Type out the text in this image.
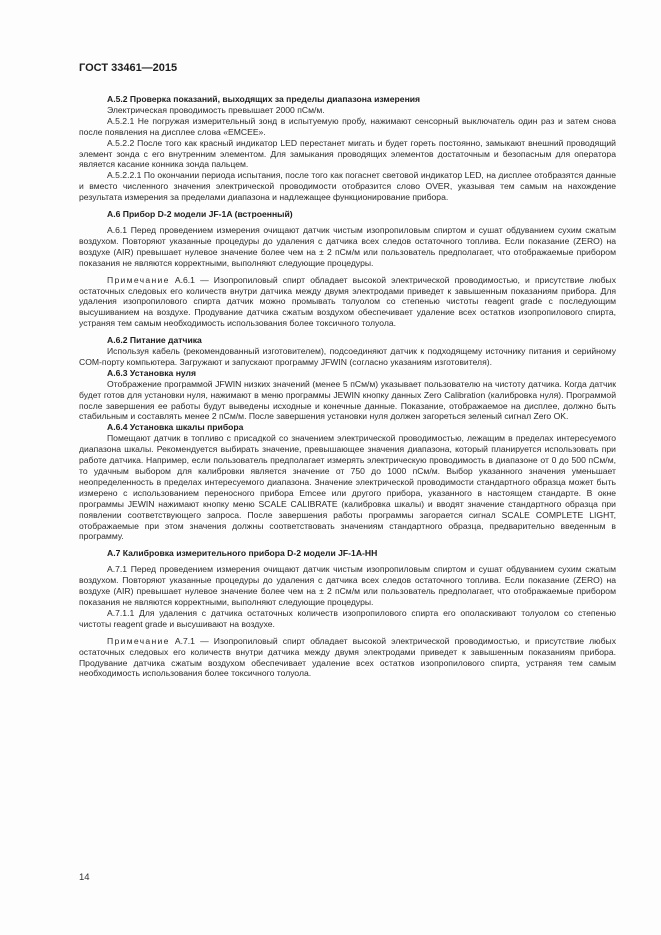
ГОСТ 33461—2015

А.5.2 Проверка показаний, выходящих за пределы диапазона измерения

Электрическая проводимость превышает 2000 пСм/м.

А.5.2.1 Не погружая измерительный зонд в испытуемую пробу, нажимают сенсорный выключатель один раз и затем снова после появления на дисплее слова «EMCEE».

А.5.2.2 После того как красный индикатор LED перестанет мигать и будет гореть постоянно, замыкают внешний проводящий элемент зонда с его внутренним элементом. Для замыкания проводящих элементов достаточным и безопасным для оператора является касание конника зонда пальцем.

А.5.2.2.1 По окончании периода испытания, после того как погаснет световой индикатор LED, на дисплее отобразятся данные и вместо численного значения электрической проводимости отобразится слово OVER, указывая тем самым на нахождение результата измерения за пределами диапазона и надлежащее функционирование прибора.

А.6 Прибор D-2 модели JF-1A (встроенный)

А.6.1 Перед проведением измерения очищают датчик чистым изопропиловым спиртом и сушат обдуванием сухим сжатым воздухом. Повторяют указанные процедуры до удаления с датчика всех следов остаточного топлива. Если показание (ZERO) на воздухе (AIR) превышает нулевое значение более чем на ± 2 пСм/м или пользователь предполагает, что отображаемые прибором показания не являются корректными, выполняют следующие процедуры.

Примечание А.6.1 — Изопропиловый спирт обладает высокой электрической проводимостью, и присутствие любых остаточных следовых его количеств внутри датчика между двумя электродами приведет к завышенным показаниям прибора. Для удаления изопропилового спирта датчик можно промывать толуолом со степенью чистоты reagent grade с последующим высушиванием на воздухе. Продувание датчика сжатым воздухом обеспечивает удаление всех остатков изопропилового спирта, устраняя тем самым необходимость использования более токсичного толуола.

А.6.2 Питание датчика

Используя кабель (рекомендованный изготовителем), подсоединяют датчик к подходящему источнику питания и серийному COM-порту компьютера. Загружают и запускают программу JFWIN (согласно указаниям изготовителя).

А.6.3 Установка нуля

Отображение программой JFWIN низких значений (менее 5 пСм/м) указывает пользователю на чистоту датчика. Когда датчик будет готов для установки нуля, нажимают в меню программы JEWIN кнопку данных Zero Calibration (калибровка нуля). Программой после завершения ее работы будут выведены исходные и конечные данные. Показание, отображаемое на дисплее, должно быть стабильным и составлять менее 2 пСм/м. После завершения установки нуля должен загореться зеленый сигнал Zero OK.

А.6.4 Установка шкалы прибора

Помещают датчик в топливо с присадкой со значением электрической проводимостью, лежащим в пределах интересуемого диапазона шкалы. Рекомендуется выбирать значение, превышающее значения диапазона, который планируется использовать при работе датчика. Например, если пользователь предполагает измерять электрическую проводимость в диапазоне от 0 до 500 пСм/м, то удачным выбором для калибровки является значение от 750 до 1000 пСм/м. Выбор указанного значения уменьшает неопределенность в пределах интересуемого диапазона. Значение электрической проводимости стандартного образца может быть измерено с использованием переносного прибора Emcee или другого прибора, указанного в настоящем стандарте. В окне программы JEWIN нажимают кнопку меню SCALE CALIBRATE (калибровка шкалы) и вводят значение стандартного образца при появлении соответствующего запроса. После завершения работы программы загорается сигнал SCALE COMPLETE LIGHT, отображаемые при этом значения должны соответствовать значениям стандартного образца, предварительно введенным в программу.

А.7 Калибровка измерительного прибора D-2 модели JF-1A-HH

А.7.1 Перед проведением измерения очищают датчик чистым изопропиловым спиртом и сушат обдуванием сухим сжатым воздухом. Повторяют указанные процедуры до удаления с датчика всех следов остаточного топлива. Если показание (ZERO) на воздухе (AIR) превышает нулевое значение более чем на ± 2 пСм/м или пользователь предполагает, что отображаемые прибором показания не являются корректными, выполняют следующие процедуры.

А.7.1.1 Для удаления с датчика остаточных количеств изопропилового спирта его ополаскивают толуолом со степенью чистоты reagent grade и высушивают на воздухе.

Примечание А.7.1 — Изопропиловый спирт обладает высокой электрической проводимостью, и присутствие любых остаточных следовых его количеств внутри датчика между двумя электродами приведет к завышенным показаниям прибора. Продувание датчика сжатым воздухом обеспечивает удаление всех остатков изопропилового спирта, устраняя тем самым необходимость использования более токсичного толуола.

14
